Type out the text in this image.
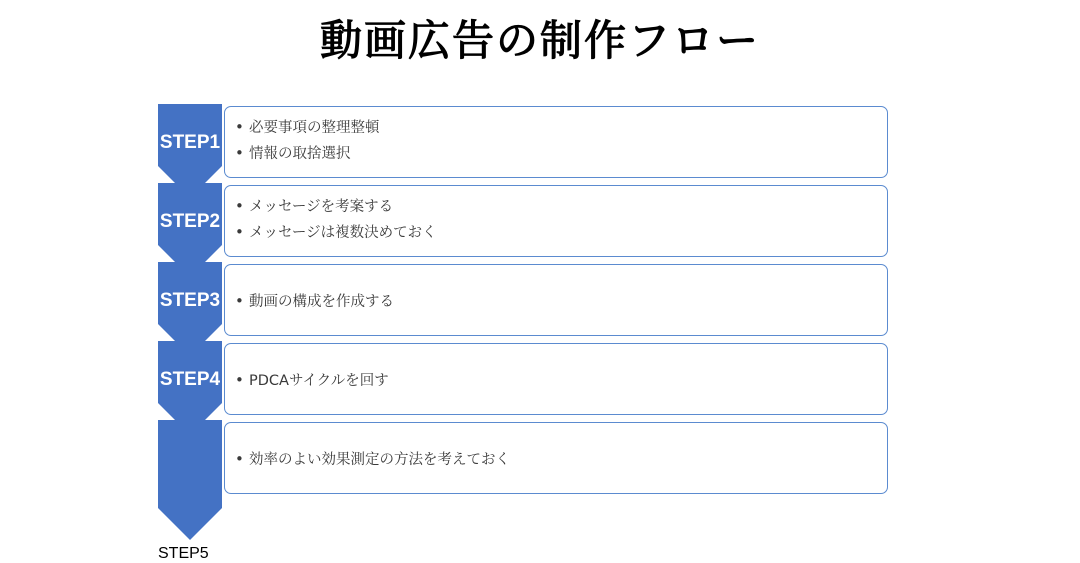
動画広告の制作フロー
STEP1
• 必要事項の整理整頓
• 情報の取捨選択
STEP2
• メッセージを考案する
• メッセージは複数決めておく
STEP3	• 動画の構成を作成する
STEP4	• PDCAサイクルを回す
STEP5
• 効率のよい効果測定の方法を考えておく
